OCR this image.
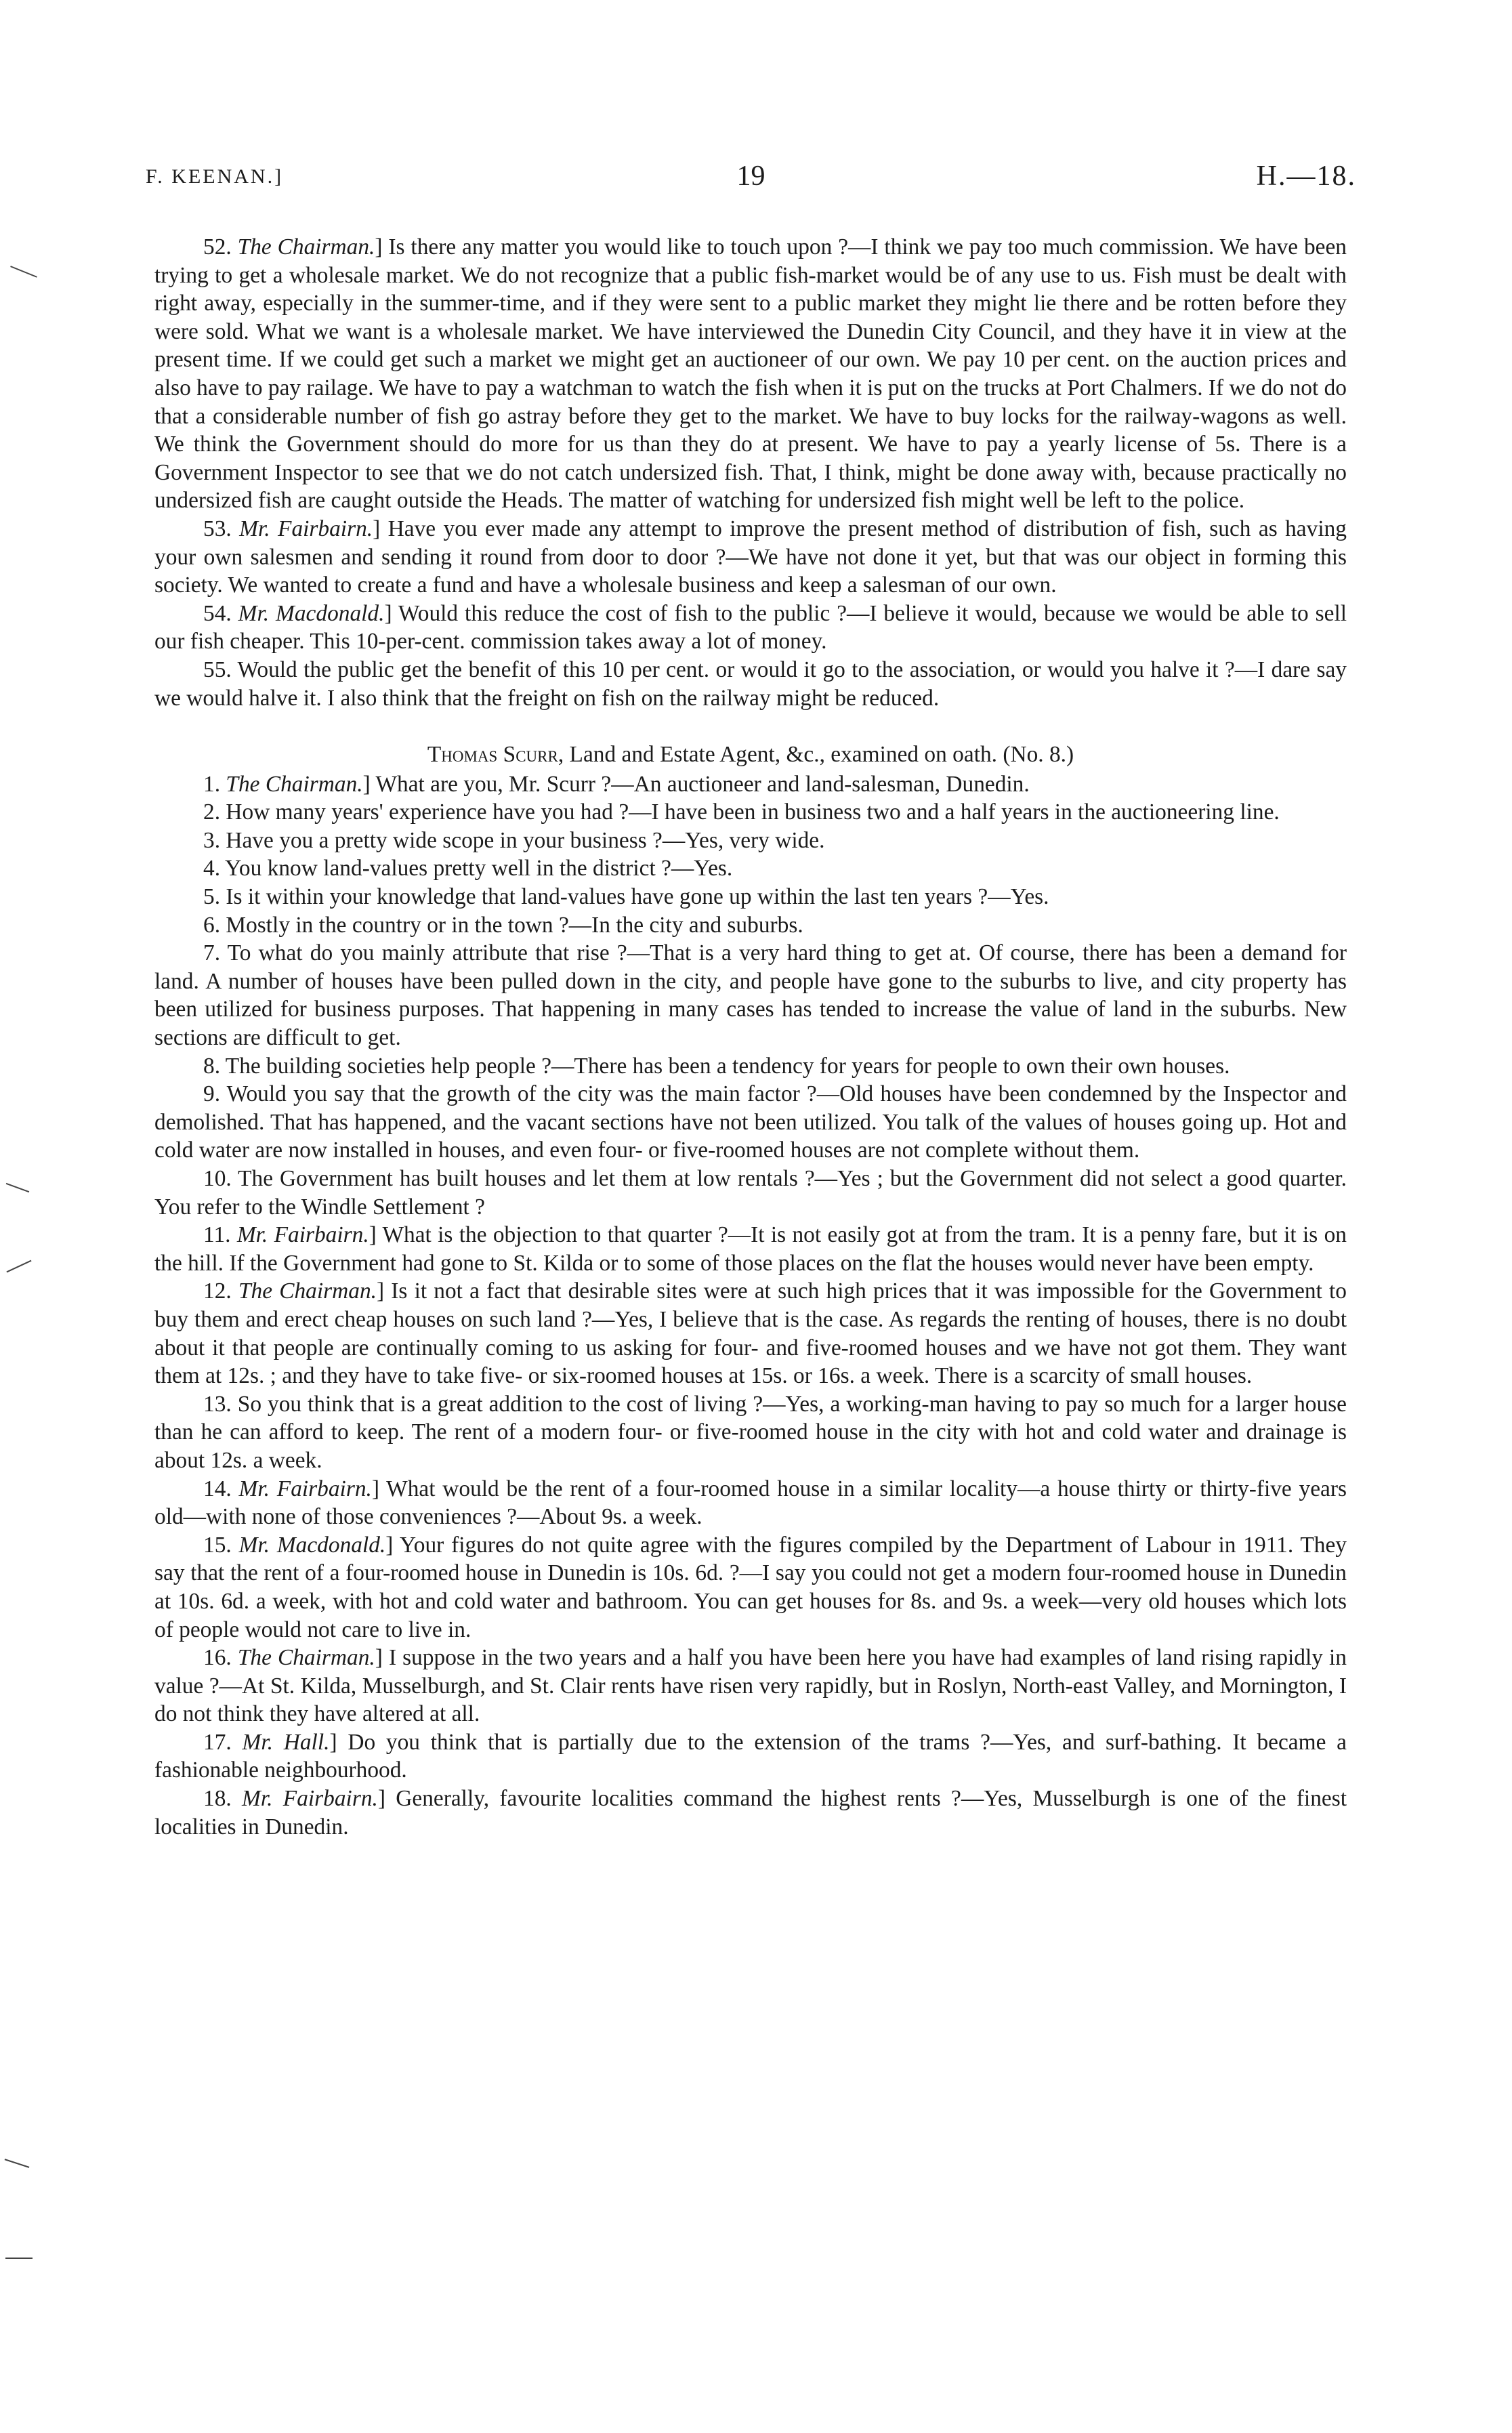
F. KEENAN.]	19	H.—18.

52. The Chairman.] Is there any matter you would like to touch upon ?—I think we pay too much commission. We have been trying to get a wholesale market. We do not recognize that a public fish-market would be of any use to us. Fish must be dealt with right away, especially in the summer-time, and if they were sent to a public market they might lie there and be rotten before they were sold. What we want is a wholesale market. We have interviewed the Dunedin City Council, and they have it in view at the present time. If we could get such a market we might get an auctioneer of our own. We pay 10 per cent. on the auction prices and also have to pay railage. We have to pay a watchman to watch the fish when it is put on the trucks at Port Chalmers. If we do not do that a considerable number of fish go astray before they get to the market. We have to buy locks for the railway-wagons as well. We think the Government should do more for us than they do at present. We have to pay a yearly license of 5s. There is a Government Inspector to see that we do not catch undersized fish. That, I think, might be done away with, because practically no undersized fish are caught outside the Heads. The matter of watching for undersized fish might well be left to the police.

53. Mr. Fairbairn.] Have you ever made any attempt to improve the present method of distribution of fish, such as having your own salesmen and sending it round from door to door ?—We have not done it yet, but that was our object in forming this society. We wanted to create a fund and have a wholesale business and keep a salesman of our own.

54. Mr. Macdonald.] Would this reduce the cost of fish to the public ?—I believe it would, because we would be able to sell our fish cheaper. This 10-per-cent. commission takes away a lot of money.

55. Would the public get the benefit of this 10 per cent. or would it go to the association, or would you halve it ?—I dare say we would halve it. I also think that the freight on fish on the railway might be reduced.

Thomas Scurr, Land and Estate Agent, &c., examined on oath. (No. 8.)

1. The Chairman.] What are you, Mr. Scurr ?—An auctioneer and land-salesman, Dunedin.

2. How many years' experience have you had ?—I have been in business two and a half years in the auctioneering line.

3. Have you a pretty wide scope in your business ?—Yes, very wide.

4. You know land-values pretty well in the district ?—Yes.

5. Is it within your knowledge that land-values have gone up within the last ten years ?—Yes.

6. Mostly in the country or in the town ?—In the city and suburbs.

7. To what do you mainly attribute that rise ?—That is a very hard thing to get at. Of course, there has been a demand for land. A number of houses have been pulled down in the city, and people have gone to the suburbs to live, and city property has been utilized for business purposes. That happening in many cases has tended to increase the value of land in the suburbs. New sections are difficult to get.

8. The building societies help people ?—There has been a tendency for years for people to own their own houses.

9. Would you say that the growth of the city was the main factor ?—Old houses have been condemned by the Inspector and demolished. That has happened, and the vacant sections have not been utilized. You talk of the values of houses going up. Hot and cold water are now installed in houses, and even four- or five-roomed houses are not complete without them.

10. The Government has built houses and let them at low rentals ?—Yes ; but the Government did not select a good quarter. You refer to the Windle Settlement ?

11. Mr. Fairbairn.] What is the objection to that quarter ?—It is not easily got at from the tram. It is a penny fare, but it is on the hill. If the Government had gone to St. Kilda or to some of those places on the flat the houses would never have been empty.

12. The Chairman.] Is it not a fact that desirable sites were at such high prices that it was impossible for the Government to buy them and erect cheap houses on such land ?—Yes, I believe that is the case. As regards the renting of houses, there is no doubt about it that people are continually coming to us asking for four- and five-roomed houses and we have not got them. They want them at 12s. ; and they have to take five- or six-roomed houses at 15s. or 16s. a week. There is a scarcity of small houses.

13. So you think that is a great addition to the cost of living ?—Yes, a working-man having to pay so much for a larger house than he can afford to keep. The rent of a modern four- or five-roomed house in the city with hot and cold water and drainage is about 12s. a week.

14. Mr. Fairbairn.] What would be the rent of a four-roomed house in a similar locality—a house thirty or thirty-five years old—with none of those conveniences ?—About 9s. a week.

15. Mr. Macdonald.] Your figures do not quite agree with the figures compiled by the Department of Labour in 1911. They say that the rent of a four-roomed house in Dunedin is 10s. 6d. ?—I say you could not get a modern four-roomed house in Dunedin at 10s. 6d. a week, with hot and cold water and bathroom. You can get houses for 8s. and 9s. a week—very old houses which lots of people would not care to live in.

16. The Chairman.] I suppose in the two years and a half you have been here you have had examples of land rising rapidly in value ?—At St. Kilda, Musselburgh, and St. Clair rents have risen very rapidly, but in Roslyn, North-east Valley, and Mornington, I do not think they have altered at all.

17. Mr. Hall.] Do you think that is partially due to the extension of the trams ?—Yes, and surf-bathing. It became a fashionable neighbourhood.

18. Mr. Fairbairn.] Generally, favourite localities command the highest rents ?—Yes, Musselburgh is one of the finest localities in Dunedin.
